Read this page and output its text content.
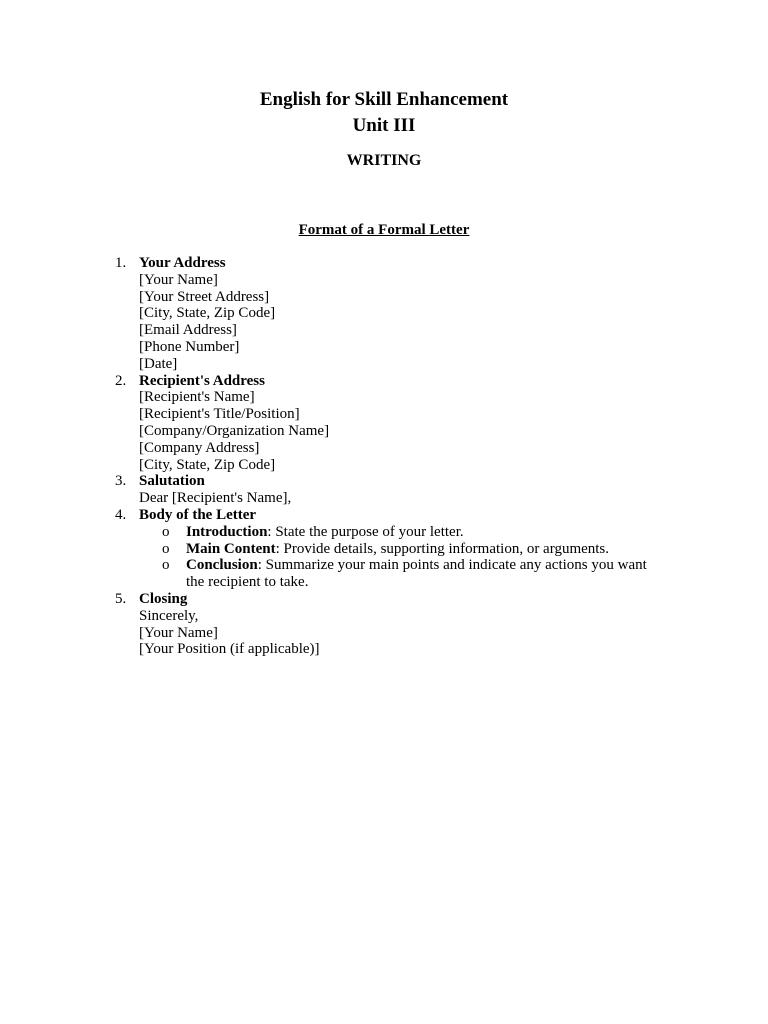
English for Skill Enhancement
Unit III
WRITING
Format of a Formal Letter
1. Your Address
[Your Name]
[Your Street Address]
[City, State, Zip Code]
[Email Address]
[Phone Number]
[Date]
2. Recipient's Address
[Recipient's Name]
[Recipient's Title/Position]
[Company/Organization Name]
[Company Address]
[City, State, Zip Code]
3. Salutation
Dear [Recipient's Name],
4. Body of the Letter
o Introduction: State the purpose of your letter.
o Main Content: Provide details, supporting information, or arguments.
o Conclusion: Summarize your main points and indicate any actions you want the recipient to take.
5. Closing
Sincerely,
[Your Name]
[Your Position (if applicable)]
